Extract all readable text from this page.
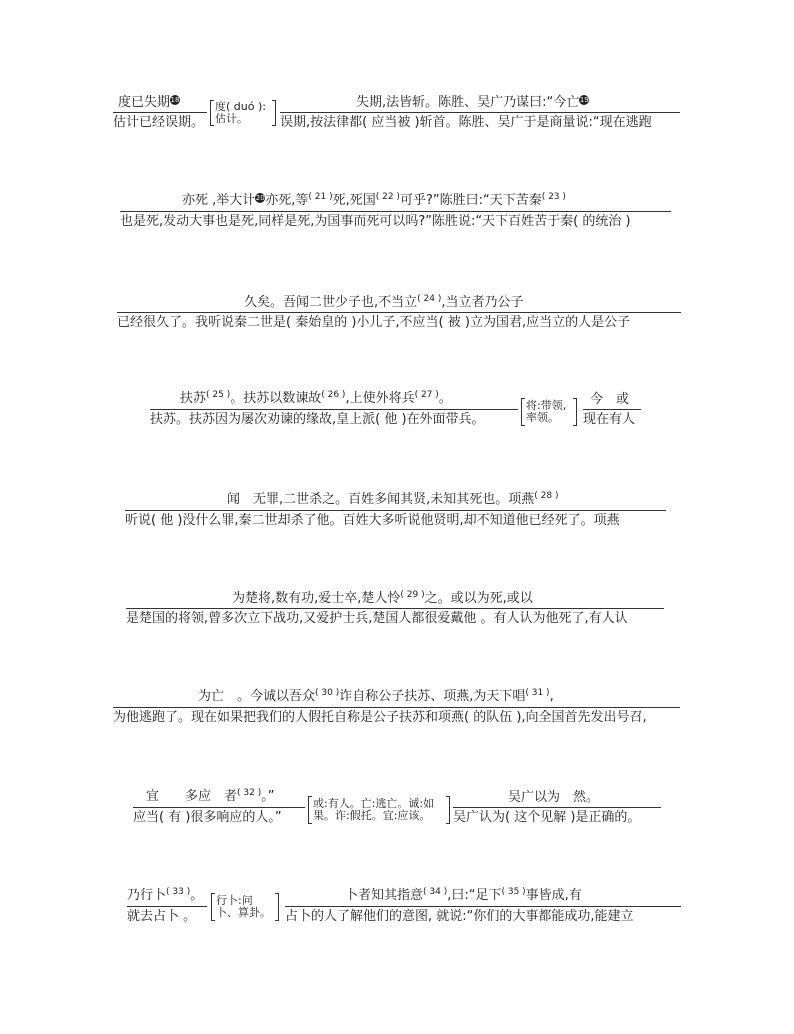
度已失期18
估计已经误期。
度( duó ):
估计。
失期,法皆斩。陈胜、吴广乃谋曰:“今亡19
误期,按法律都( 应当被 )斩首。陈胜、吴广于是商量说:“现在逃跑
亦死 ,举大计20亦死,等$^{( 21 )}$死,死国$^{( 22 )}$可乎?”陈胜曰:“天下苦秦$^{( 23 )}$
也是死,发动大事也是死,同样是死,为国事而死可以吗?”陈胜说:“天下百姓苦于秦( 的统治 )
久矣。吾闻二世少子也,不当立$^{( 24 )}$,当立者乃公子
已经很久了。我听说秦二世是( 秦始皇的 )小儿子,不应当( 被 )立为国君,应当立的人是公子
扶苏$^{( 25 )}$。扶苏以数谏故$^{( 26 )}$,上使外将兵$^{( 27 )}$。
扶苏。扶苏因为屡次劝谏的缘故,皇上派( 他 )在外面带兵。
将:带领,
率领。
今　或
现在有人
闻　无罪,二世杀之。百姓多闻其贤,未知其死也。项燕$^{( 28 )}$
听说( 他 )没什么罪,秦二世却杀了他。百姓大多听说他贤明,却不知道他已经死了。项燕
为楚将,数有功,爱士卒,楚人怜$^{( 29 )}$之。或以为死,或以
是楚国的将领,曾多次立下战功,又爱护士兵,楚国人都很爱戴他 。有人认为他死了,有人认
为亡　。今诚以吾众$^{( 30 )}$诈自称公子扶苏、项燕,为天下唱$^{( 31 )}$,
为他逃跑了。现在如果把我们的人假托自称是公子扶苏和项燕( 的队伍 ),向全国首先发出号召,
宜　　多应　者$^{( 32 )}$。”
应当( 有 )很多响应的人。”
或:有人。亡:逃亡。诚:如
果。诈:假托。宜:应该。
吴广以为　然。
吴广认为( 这个见解 )是正确的。
乃行卜$^{( 33 )}$。
就去占卜 。
行卜:问
卜、算卦。
卜者知其指意$^{( 34 )}$,曰:“足下$^{( 35 )}$事皆成,有
占卜的人了解他们的意图, 就说:“你们的大事都能成功,能建立
